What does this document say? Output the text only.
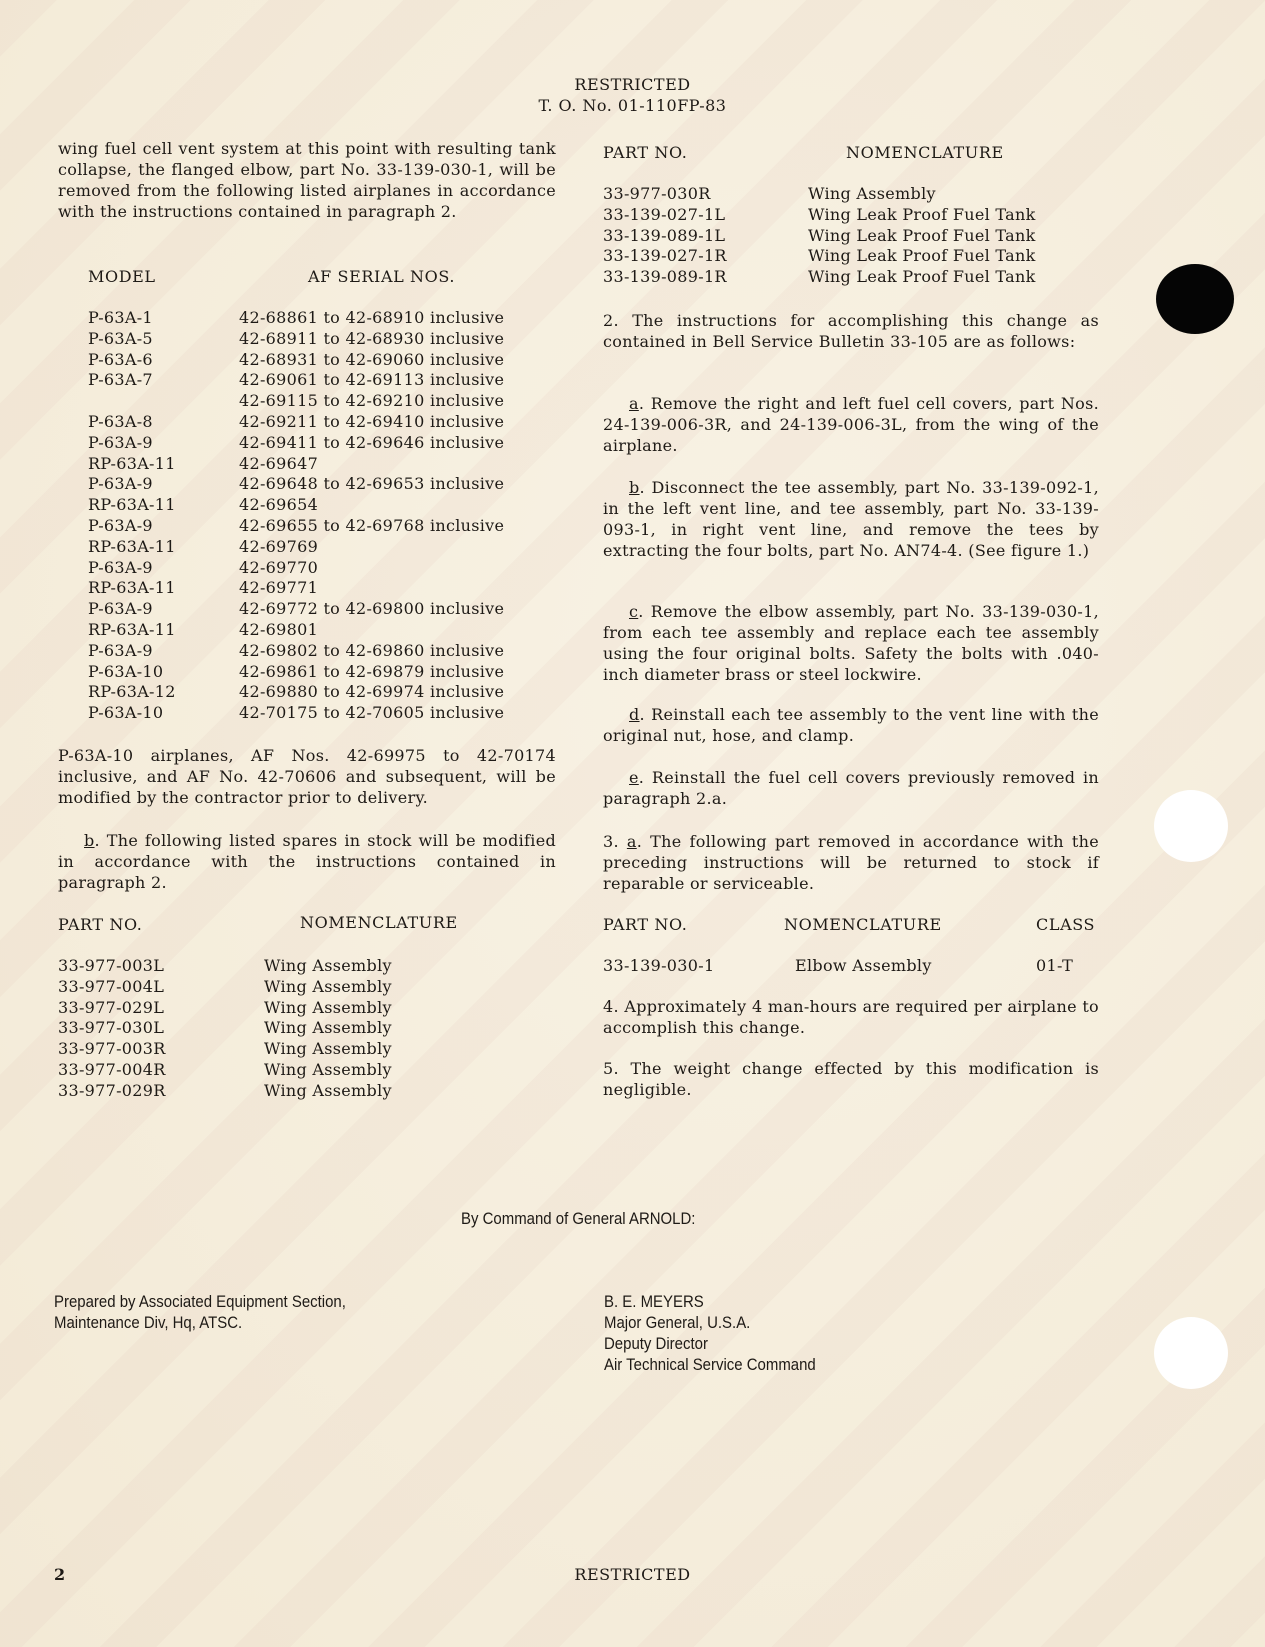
RESTRICTED
T. O. No. 01-110FP-83
wing fuel cell vent system at this point with resulting tank collapse, the flanged elbow, part No. 33-139-030-1, will be removed from the following listed airplanes in accordance with the instructions contained in paragraph 2.
MODEL	AF SERIAL NOS.
P-63A-1	42-68861 to 42-68910 inclusive
P-63A-5	42-68911 to 42-68930 inclusive
P-63A-6	42-68931 to 42-69060 inclusive
P-63A-7	42-69061 to 42-69113 inclusive
42-69115 to 42-69210 inclusive
P-63A-8	42-69211 to 42-69410 inclusive
P-63A-9	42-69411 to 42-69646 inclusive
RP-63A-11	42-69647
P-63A-9	42-69648 to 42-69653 inclusive
RP-63A-11	42-69654
P-63A-9	42-69655 to 42-69768 inclusive
RP-63A-11	42-69769
P-63A-9	42-69770
RP-63A-11	42-69771
P-63A-9	42-69772 to 42-69800 inclusive
RP-63A-11	42-69801
P-63A-9	42-69802 to 42-69860 inclusive
P-63A-10	42-69861 to 42-69879 inclusive
RP-63A-12	42-69880 to 42-69974 inclusive
P-63A-10	42-70175 to 42-70605 inclusive
P-63A-10 airplanes, AF Nos. 42-69975 to 42-70174 inclusive, and AF No. 42-70606 and subsequent, will be modified by the contractor prior to delivery.
b. The following listed spares in stock will be modified in accordance with the instructions contained in paragraph 2.
PART NO.	NOMENCLATURE
33-977-003L	Wing Assembly
33-977-004L	Wing Assembly
33-977-029L	Wing Assembly
33-977-030L	Wing Assembly
33-977-003R	Wing Assembly
33-977-004R	Wing Assembly
33-977-029R	Wing Assembly
PART NO.	NOMENCLATURE
33-977-030R	Wing Assembly
33-139-027-1L	Wing Leak Proof Fuel Tank
33-139-089-1L	Wing Leak Proof Fuel Tank
33-139-027-1R	Wing Leak Proof Fuel Tank
33-139-089-1R	Wing Leak Proof Fuel Tank
2. The instructions for accomplishing this change as contained in Bell Service Bulletin 33-105 are as follows:
a. Remove the right and left fuel cell covers, part Nos. 24-139-006-3R, and 24-139-006-3L, from the wing of the airplane.
b. Disconnect the tee assembly, part No. 33-139-092-1, in the left vent line, and tee assembly, part No. 33-139-093-1, in right vent line, and remove the tees by extracting the four bolts, part No. AN74-4. (See figure 1.)
c. Remove the elbow assembly, part No. 33-139-030-1, from each tee assembly and replace each tee assembly using the four original bolts. Safety the bolts with .040-inch diameter brass or steel lockwire.
d. Reinstall each tee assembly to the vent line with the original nut, hose, and clamp.
e. Reinstall the fuel cell covers previously removed in paragraph 2.a.
3. a. The following part removed in accordance with the preceding instructions will be returned to stock if reparable or serviceable.
PART NO.	NOMENCLATURE	CLASS
33-139-030-1	Elbow Assembly	01-T
4. Approximately 4 man-hours are required per airplane to accomplish this change.
5. The weight change effected by this modification is negligible.
By Command of General ARNOLD:
Prepared by Associated Equipment Section,
Maintenance Div, Hq, ATSC.
B. E. MEYERS
Major General, U.S.A.
Deputy Director
Air Technical Service Command
2	RESTRICTED
